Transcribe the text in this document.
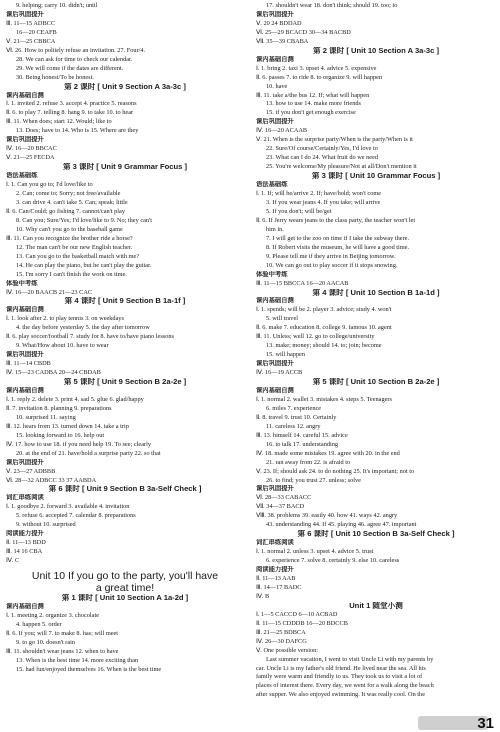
9. helping; carry 10. didn't; until
课后巩固提升
Ⅲ. 11—15 ADBCC
16—20 CEAFB
Ⅴ. 21—25 CBBCA
Ⅵ. 26. How to politely refuse an invitation. 27. Four/4.
28. We can ask for time to check our calendar.
29. We will come if the dates are different.
30. Being honest/To be honest.
第 2 课时 [ Unit 9 Section A 3a-3c ]
课内基础自测
Ⅰ. 1. invited 2. refuse 3. accept 4. practice 5. reasons
Ⅱ. 6. to play 7. telling 8. hang 9. to take 10. to hear
Ⅲ. 11. When does; start 12. Would; like to
13. Does; have to 14. Who is 15. Where are they
课后巩固提升
Ⅳ. 16—20 BBCAC
Ⅴ. 21—25 FECDA
第 3 课时 [ Unit 9 Grammar Focus ]
语法基础练
Ⅰ. 1. Can you go to; I'd love/like to
2. Can; come to; Sorry; not free/available
3. can drive 4. can't take 5. Can; speak; little
Ⅱ. 6. Can/Could; go fishing 7. cannot/can't play
8. Can you; Sure/Yes; I'd love/like to 9. No; they can't
10. Why can't you go to the baseball game
Ⅲ. 11. Can you recognize the brother ride a horse?
12. The man can't be our new English teacher.
13. Can you go to the basketball match with me?
14. He can play the piano, but he can't play the guitar.
15. I'm sorry I can't finish the work on time.
体验中考练
Ⅳ. 16—20 BAACB 21—23 CAC
第 4 课时 [ Unit 9 Section B 1a-1f ]
课内基础自测
Ⅰ. 1. look after 2. to play tennis 3. on weekdays
4. the day before yesterday 5. the day after tomorrow
Ⅱ. 6. play soccer/football 7. study for 8. have to/have piano lessons
9. What/How about 10. have to wear
课后巩固提升
Ⅲ. 11—14 CBDB
Ⅳ. 15—23 CADBA 20—24 CBDAB
第 5 课时 [ Unit 9 Section B 2a-2e ]
课内基础自测
Ⅰ. 1. reply 2. delete 3. print 4. sad 5. glue 6. glad/happy
Ⅱ. 7. invitation 8. planning 9. preparations
10. surprised 11. saying
Ⅲ. 12. hears from 13. turned down 14. take a trip
15. looking forward to 16. help out
Ⅳ. 17. how to use 18. if you need help 19. To see; clearly
20. at the end of 21. have/hold a surprise party 22. so that
课后巩固提升
Ⅴ. 23—27 ADBBB
Ⅵ. 28—32 ADBCC 33 37 AABDA
第 6 课时 [ Unit 9 Section B 3a-Self Check ]
词汇串练阅读
Ⅰ. 1. goodbye 2. forward 3. available 4. invitation
5. refuse 6. accepted 7. calendar 8. preparations
9. without 10. surprised
阅读能力提升
Ⅱ. 11—13 BDD
Ⅲ. 14 16 CBA
Ⅳ. C
Unit 10 If you go to the party, you'll have
a great time!
第 1 课时 [ Unit 10 Section A 1a-2d ]
课内基础自测
Ⅰ. 1. meeting 2. organize 3. chocolate
4. happen 5. order
Ⅱ. 6. If you; will 7. to make 8. has; will meet
9. to go 10. doesn't rain
Ⅲ. 11. shouldn't wear jeans 12. when to have
13. When is the best time 14. more exciting than
15. had fun/enjoyed themselves 16. When is the best time
17. shouldn't wear 18. don't think; should 19. too; to
课后巩固提升
Ⅴ. 20 24 BDDAD
Ⅵ. 25—29 BCACD 30—34 BACBD
Ⅶ. 35—39 CBABA
第 2 课时 [ Unit 10 Section A 3a-3c ]
课内基础自测
Ⅰ. 1. bring 2. taxi 3. upset 4. advice 5. expensive
Ⅱ. 6. passes 7. to ride 8. to organize 9. will happen
10. have
Ⅲ. 11. take a/the bus 12. If; what will happen
13. how to use 14. make more friends
15. if you don't get enough exercise
课后巩固提升
Ⅳ. 16—20 ACAAB
Ⅴ. 21. When is the surprise party/When is the party/When is it
22. Sure/Of course/Certainly/Yes, I'd love to
23. What can I do 24. What fruit do we need
25. You're welcome/My pleasure/Not at all/Don't mention it
第 3 课时 [ Unit 10 Grammar Focus ]
语法基础练
Ⅰ. 1. If; will be/arrive 2. If; have/hold; won't come
3. If you wear jeans 4. If you take; will arrive
5. If you don't; will be/get
Ⅱ. 6. If Jerry wears jeans to the class party, the teacher won't let
him in.
7. I will get to the zoo on time if I take the subway there.
8. If Robert visits the museum, he will have a good time.
9. Please tell me if they arrive in Beijing tomorrow.
10. We can go out to play soccer if it stops snowing.
体验中考练
Ⅲ. 11—15 BBCCA 16—20 AACAB
第 4 课时 [ Unit 10 Section B 1a-1d ]
课内基础自测
Ⅰ. 1. spends; will be 2. player 3. advice; study 4. won't
5. will travel
Ⅱ. 6. make 7. education 8. college 9. famous 10. agent
Ⅲ. 11. Unless; well 12. go to college/university
13. make; money; should 14. to; join; become
15. will happen
课后巩固提升
Ⅳ. 16—19 ACCB
第 5 课时 [ Unit 10 Section B 2a-2e ]
课内基础自测
Ⅰ. 1. normal 2. wallet 3. mistakes 4. steps 5. Teenagers
6. miles 7. experience
Ⅱ. 8. travel 9. trust 10. Certainly
11. careless 12. angry
Ⅲ. 13. himself 14. careful 15. advice
16. to talk 17. understanding
Ⅳ. 18. made some mistakes 19. agree with 20. in the end
21. ran away from 22. is afraid to
Ⅴ. 23. If; should ask 24. to do nothing 25. It's important; not to
26. to find; you trust 27. unless; solve
课后巩固提升
Ⅵ. 28—33 CABACC
Ⅶ. 34—37 BACD
Ⅷ. 38. problems 39. easily 40. how 41. ways 42. angry
43. understanding 44. If 45. playing 46. agree 47. important
第 6 课时 [ Unit 10 Section B 3a-Self Check ]
词汇串练阅读
Ⅰ. 1. normal 2. unless 3. upset 4. advice 5. trust
6. experience 7. solve 8. certainly 9. else 10. careless
阅读能力提升
Ⅱ. 11—13 AAB
Ⅲ. 14—17 BADC
Ⅳ. B
Unit 1 随堂小测
Ⅰ. 1—5 CACCD 6—10 ACBAD
Ⅱ. 11—15 CDDDB 16—20 BDCCB
Ⅲ. 21—25 BDBCA
Ⅳ. 26—30 DAFCG
Ⅴ. One possible version:
Last summer vacation, I went to visit Uncle Li with my parents by
car. Uncle Li is my father's old friend. He lived near the sea. All his
family were warm and friendly to us. They took us to visit a lot of
places of interest there. Every day, we went for a walk along the beach
after supper. We also enjoyed swimming. It was really cool. On the
31
